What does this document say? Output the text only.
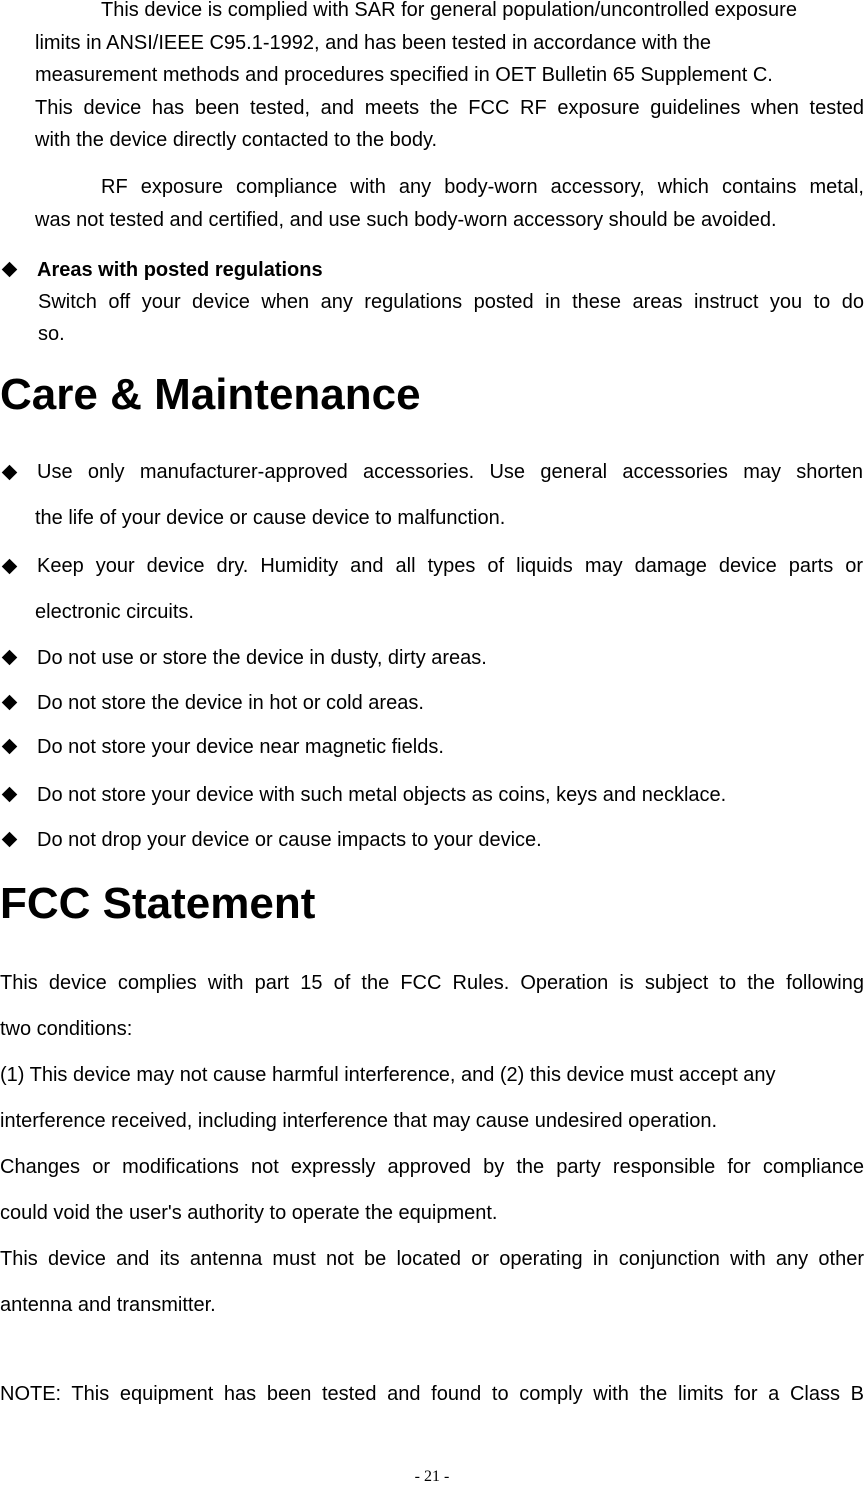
This device is complied with SAR for general population/uncontrolled exposure
limits in ANSI/IEEE C95.1-1992, and has been tested in accordance with the
measurement methods and procedures specified in OET Bulletin 65 Supplement C.
This device has been tested, and meets the FCC RF exposure guidelines when tested
with the device directly contacted to the body.
RF exposure compliance with any body-worn accessory, which contains metal,
was not tested and certified, and use such body-worn accessory should be avoided.
Areas with posted regulations
Switch off your device when any regulations posted in these areas instruct you to do
so.
Care & Maintenance
Use only manufacturer-approved accessories. Use general accessories may shorten
the life of your device or cause device to malfunction.
Keep your device dry. Humidity and all types of liquids may damage device parts or
electronic circuits.
Do not use or store the device in dusty, dirty areas.
Do not store the device in hot or cold areas.
Do not store your device near magnetic fields.
Do not store your device with such metal objects as coins, keys and necklace.
Do not drop your device or cause impacts to your device.
FCC Statement
This device complies with part 15 of the FCC Rules. Operation is subject to the following
two conditions:
(1) This device may not cause harmful interference, and (2) this device must accept any
interference received, including interference that may cause undesired operation.
Changes or modifications not expressly approved by the party responsible for compliance
could void the user's authority to operate the equipment.
This device and its antenna must not be located or operating in conjunction with any other
antenna and transmitter.
NOTE: This equipment has been tested and found to comply with the limits for a Class B
- 21 -
